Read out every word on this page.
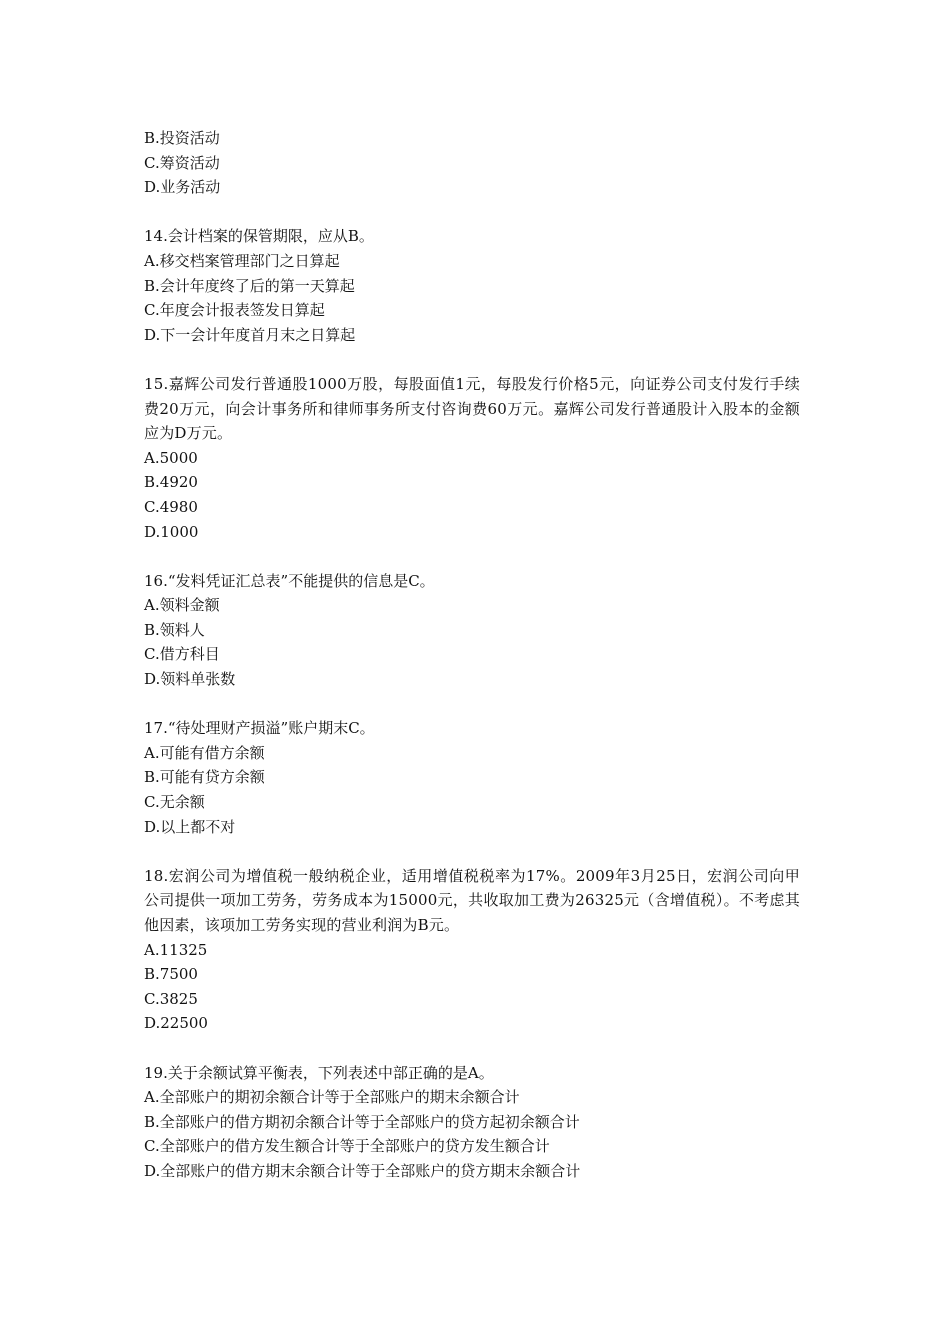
B.投资活动
C.筹资活动
D.业务活动
14.会计档案的保管期限，应从B。
A.移交档案管理部门之日算起
B.会计年度终了后的第一天算起
C.年度会计报表签发日算起
D.下一会计年度首月末之日算起
15.嘉辉公司发行普通股1000万股，每股面值1元，每股发行价格5元，向证券公司支付发行手续费20万元，向会计事务所和律师事务所支付咨询费60万元。嘉辉公司发行普通股计入股本的金额应为D万元。
A.5000
B.4920
C.4980
D.1000
16.“发料凭证汇总表”不能提供的信息是C。
A.领料金额
B.领料人
C.借方科目
D.领料单张数
17.“待处理财产损溢”账户期末C。
A.可能有借方余额
B.可能有贷方余额
C.无余额
D.以上都不对
18.宏润公司为增值税一般纳税企业，适用增值税税率为17%。2009年3月25日，宏润公司向甲公司提供一项加工劳务，劳务成本为15000元，共收取加工费为26325元（含增值税）。不考虑其他因素，该项加工劳务实现的营业利润为B元。
A.11325
B.7500
C.3825
D.22500
19.关于余额试算平衡表，下列表述中部正确的是A。
A.全部账户的期初余额合计等于全部账户的期末余额合计
B.全部账户的借方期初余额合计等于全部账户的贷方起初余额合计
C.全部账户的借方发生额合计等于全部账户的贷方发生额合计
D.全部账户的借方期末余额合计等于全部账户的贷方期末余额合计
